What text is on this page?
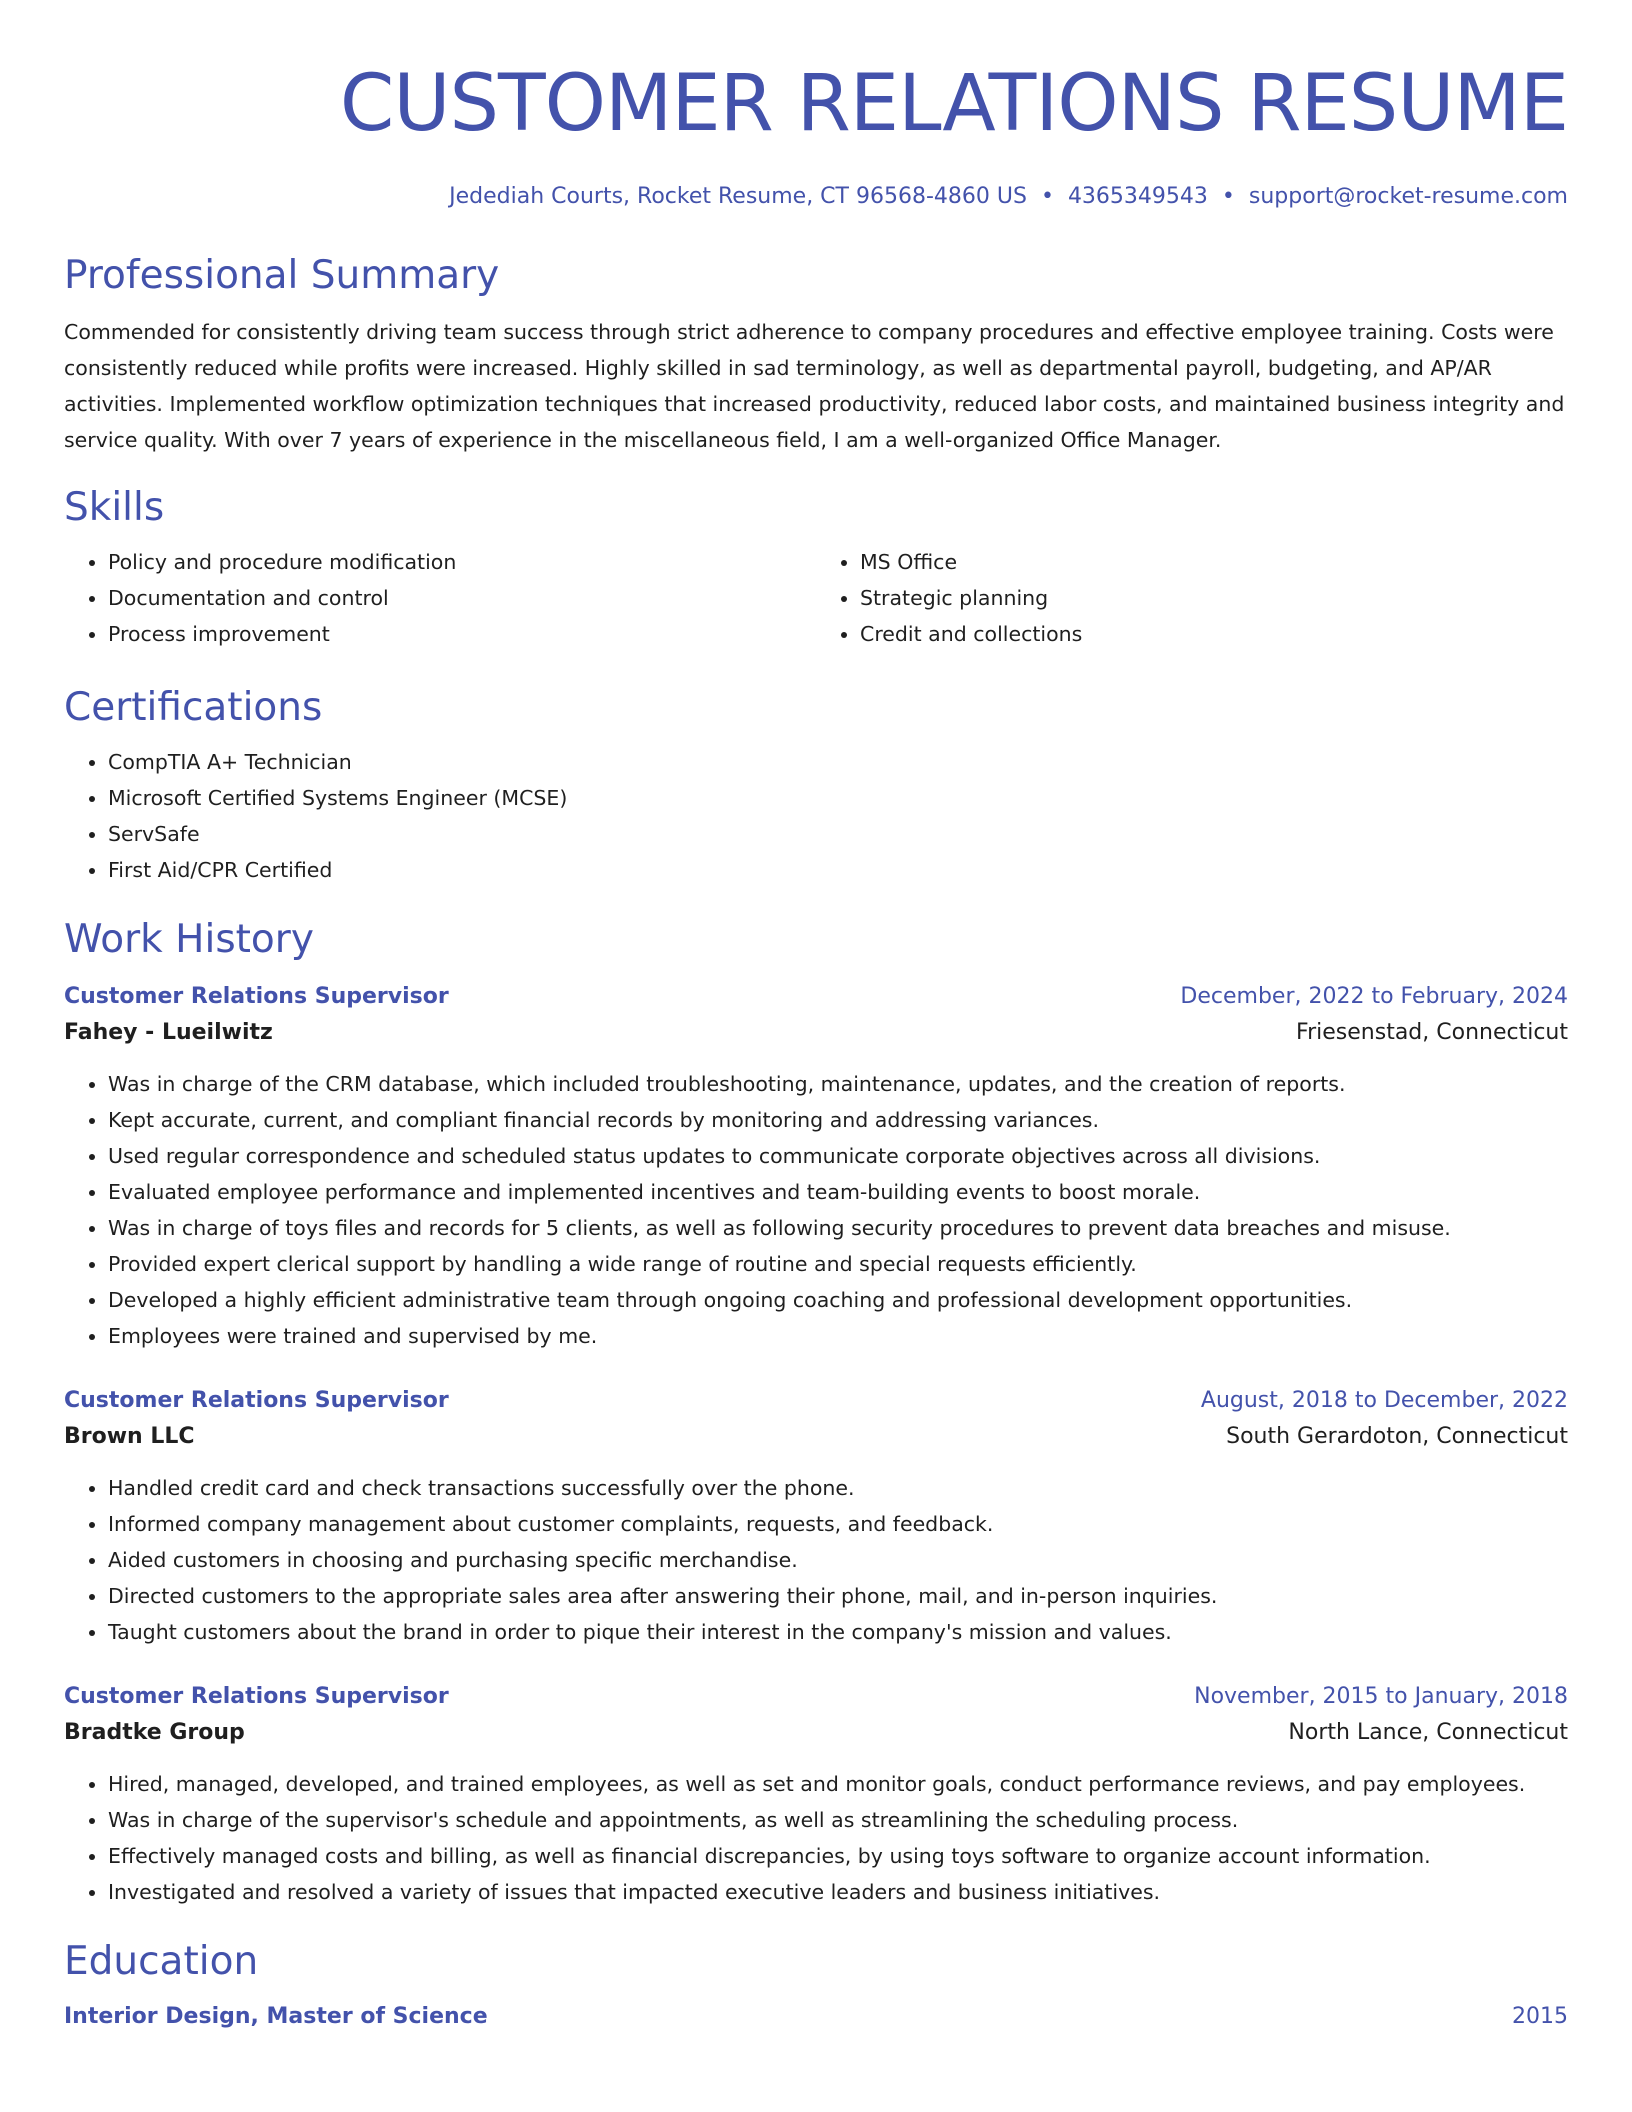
CUSTOMER RELATIONS RESUME
Jedediah Courts, Rocket Resume, CT 96568-4860 US • 4365349543 • support@rocket-resume.com
Professional Summary

Commended for consistently driving team success through strict adherence to company procedures and effective employee training. Costs were consistently reduced while profits were increased. Highly skilled in sad terminology, as well as departmental payroll, budgeting, and AP/AR activities. Implemented workflow optimization techniques that increased productivity, reduced labor costs, and maintained business integrity and service quality. With over 7 years of experience in the miscellaneous field, I am a well-organized Office Manager.

Skills
• Policy and procedure modification
• Documentation and control
• Process improvement
• MS Office
• Strategic planning
• Credit and collections
Certifications
• CompTIA A+ Technician
• Microsoft Certified Systems Engineer (MCSE)
• ServSafe
• First Aid/CPR Certified
Work History
Customer Relations Supervisor	December, 2022 to February, 2024
Fahey - Lueilwitz	Friesenstad, Connecticut
• Was in charge of the CRM database, which included troubleshooting, maintenance, updates, and the creation of reports.
• Kept accurate, current, and compliant financial records by monitoring and addressing variances.
• Used regular correspondence and scheduled status updates to communicate corporate objectives across all divisions.
• Evaluated employee performance and implemented incentives and team-building events to boost morale.
• Was in charge of toys files and records for 5 clients, as well as following security procedures to prevent data breaches and misuse.
• Provided expert clerical support by handling a wide range of routine and special requests efficiently.
• Developed a highly efficient administrative team through ongoing coaching and professional development opportunities.
• Employees were trained and supervised by me.
Customer Relations Supervisor	August, 2018 to December, 2022
Brown LLC	South Gerardoton, Connecticut
• Handled credit card and check transactions successfully over the phone.
• Informed company management about customer complaints, requests, and feedback.
• Aided customers in choosing and purchasing specific merchandise.
• Directed customers to the appropriate sales area after answering their phone, mail, and in-person inquiries.
• Taught customers about the brand in order to pique their interest in the company's mission and values.
Customer Relations Supervisor	November, 2015 to January, 2018
Bradtke Group	North Lance, Connecticut
• Hired, managed, developed, and trained employees, as well as set and monitor goals, conduct performance reviews, and pay employees.
• Was in charge of the supervisor's schedule and appointments, as well as streamlining the scheduling process.
• Effectively managed costs and billing, as well as financial discrepancies, by using toys software to organize account information.
• Investigated and resolved a variety of issues that impacted executive leaders and business initiatives.
Education
Interior Design, Master of Science	2015
